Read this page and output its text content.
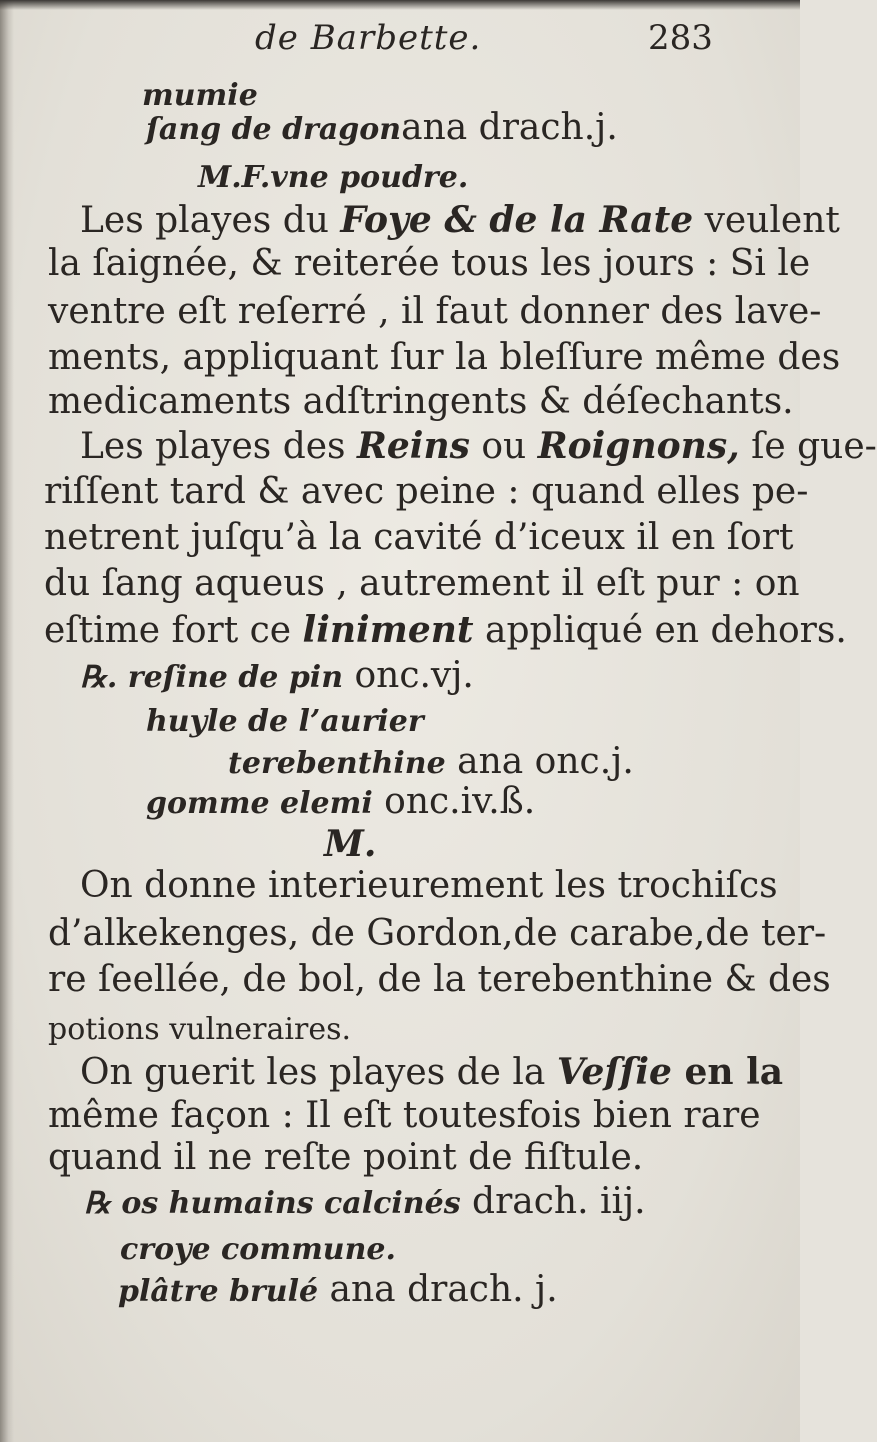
de Barbette.	283
mumie
ſang de dragonana drach.j.
M.F.vne poudre.
Les playes du Foye & de la Rate veulent
la ſaignée, & reiterée tous les jours : Si le
ventre eſt reſerré , il faut donner des lave-
ments, appliquant ſur la bleſſure même des
medicaments adſtringents & déſechants.
Les playes des Reins ou Roignons, ſe gue-
riſſent tard & avec peine : quand elles pe-
netrent juſqu’à la cavité d’iceux il en ſort
du ſang aqueus , autrement il eſt pur : on
eſtime fort ce liniment appliqué en dehors.
℞. reſine de pin onc.vj.
huyle de l’aurier
terebenthine ana onc.j.
gomme elemi onc.iv.ß.
M.
On donne interieurement les trochiſcs
d’alkekenges, de Gordon,de carabe,de ter-
re ſeellée, de bol, de la terebenthine & des
potions vulneraires.
On guerit les playes de la Veſſie en la
même façon : Il eſt toutesfois bien rare
quand il ne reſte point de fiſtule.
℞ os humains calcinés drach. iij.
croye commune.
plâtre brulé ana drach. j.
